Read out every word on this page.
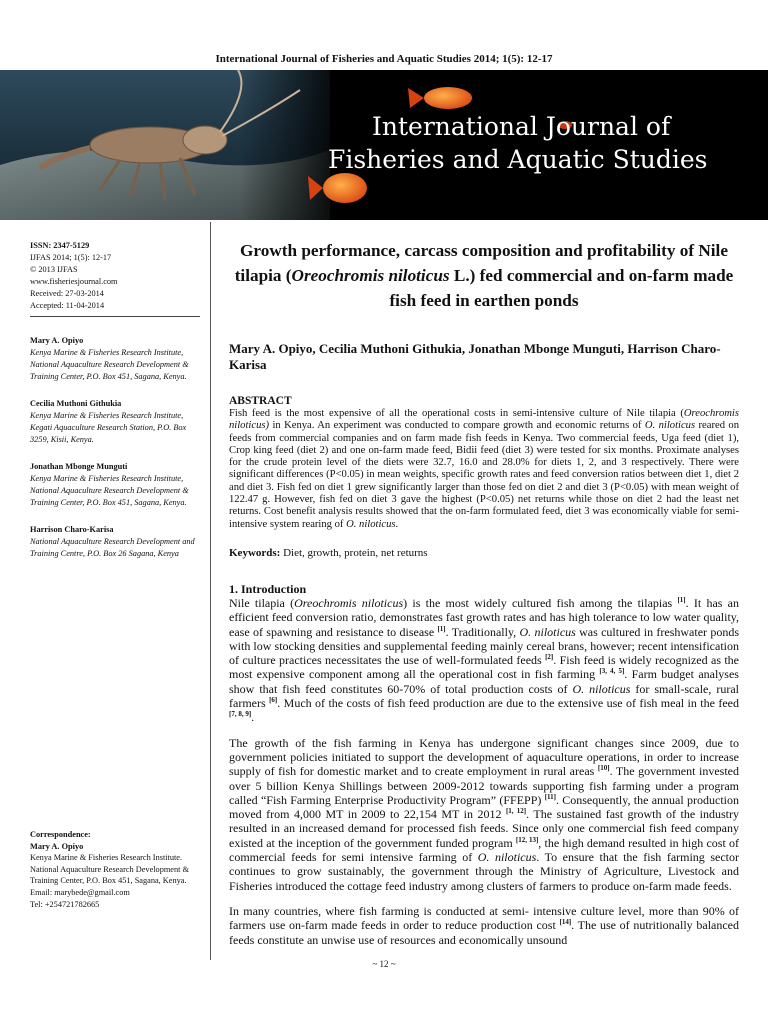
International Journal of Fisheries and Aquatic Studies 2014; 1(5): 12-17
International Journal of
Fisheries and Aquatic Studies
ISSN: 2347-5129
IJFAS 2014; 1(5): 12-17
© 2013 IJFAS
www.fisheriesjournal.com
Received: 27-03-2014
Accepted: 11-04-2014
Mary A. Opiyo
Kenya Marine & Fisheries Research Institute, National Aquaculture Research Development & Training Center, P.O. Box 451, Sagana, Kenya.
Cecilia Muthoni Githukia
Kenya Marine & Fisheries Research Institute, Kegati Aquaculture Research Station, P.O. Box 3259, Kisii, Kenya.
Jonathan Mbonge Munguti
Kenya Marine & Fisheries Research Institute, National Aquaculture Research Development & Training Center, P.O. Box 451, Sagana, Kenya.
Harrison Charo-Karisa
National Aquaculture Research Development and Training Centre, P.O. Box 26 Sagana, Kenya
Correspondence:
Mary A. Opiyo
Kenya Marine & Fisheries Research Institute. National Aquaculture Research Development & Training Center, P.O. Box 451, Sagana, Kenya.
Email: marybede@gmail.com
Tel: +254721782665
Growth performance, carcass composition and profitability of Nile tilapia (Oreochromis niloticus L.) fed commercial and on-farm made fish feed in earthen ponds
Mary A. Opiyo, Cecilia Muthoni Githukia, Jonathan Mbonge Munguti, Harrison Charo-Karisa
ABSTRACT

Fish feed is the most expensive of all the operational costs in semi-intensive culture of Nile tilapia (Oreochromis niloticus) in Kenya. An experiment was conducted to compare growth and economic returns of O. niloticus reared on feeds from commercial companies and on farm made fish feeds in Kenya. Two commercial feeds, Uga feed (diet 1), Crop king feed (diet 2) and one on-farm made feed, Bidii feed (diet 3) were tested for six months. Proximate analyses for the crude protein level of the diets were 32.7, 16.0 and 28.0% for diets 1, 2, and 3 respectively. There were significant differences (P<0.05) in mean weights, specific growth rates and feed conversion ratios between diet 1, diet 2 and diet 3. Fish fed on diet 1 grew significantly larger than those fed on diet 2 and diet 3 (P<0.05) with mean weight of 122.47 g. However, fish fed on diet 3 gave the highest (P<0.05) net returns while those on diet 2 had the least net returns. Cost benefit analysis results showed that the on-farm formulated feed, diet 3 was economically viable for semi-intensive system rearing of O. niloticus.

Keywords: Diet, growth, protein, net returns
1. Introduction

Nile tilapia (Oreochromis niloticus) is the most widely cultured fish among the tilapias [1]. It has an efficient feed conversion ratio, demonstrates fast growth rates and has high tolerance to low water quality, ease of spawning and resistance to disease [1]. Traditionally, O. niloticus was cultured in freshwater ponds with low stocking densities and supplemental feeding mainly cereal brans, however; recent intensification of culture practices necessitates the use of well-formulated feeds [2]. Fish feed is widely recognized as the most expensive component among all the operational cost in fish farming [3, 4, 5]. Farm budget analyses show that fish feed constitutes 60-70% of total production costs of O. niloticus for small-scale, rural farmers [6]. Much of the costs of fish feed production are due to the extensive use of fish meal in the feed [7, 8, 9].

The growth of the fish farming in Kenya has undergone significant changes since 2009, due to government policies initiated to support the development of aquaculture operations, in order to increase supply of fish for domestic market and to create employment in rural areas [10]. The government invested over 5 billion Kenya Shillings between 2009-2012 towards supporting fish farming under a program called “Fish Farming Enterprise Productivity Program” (FFEPP) [11]. Consequently, the annual production moved from 4,000 MT in 2009 to 22,154 MT in 2012 [1, 12]. The sustained fast growth of the industry resulted in an increased demand for processed fish feeds. Since only one commercial fish feed company existed at the inception of the government funded program [12, 13], the high demand resulted in high cost of commercial feeds for semi intensive farming of O. niloticus. To ensure that the fish farming sector continues to grow sustainably, the government through the Ministry of Agriculture, Livestock and Fisheries introduced the cottage feed industry among clusters of farmers to produce on-farm made feeds.

In many countries, where fish farming is conducted at semi- intensive culture level, more than 90% of farmers use on-farm made feeds in order to reduce production cost [14]. The use of nutritionally balanced feeds constitute an unwise use of resources and economically unsound

~ 12 ~
